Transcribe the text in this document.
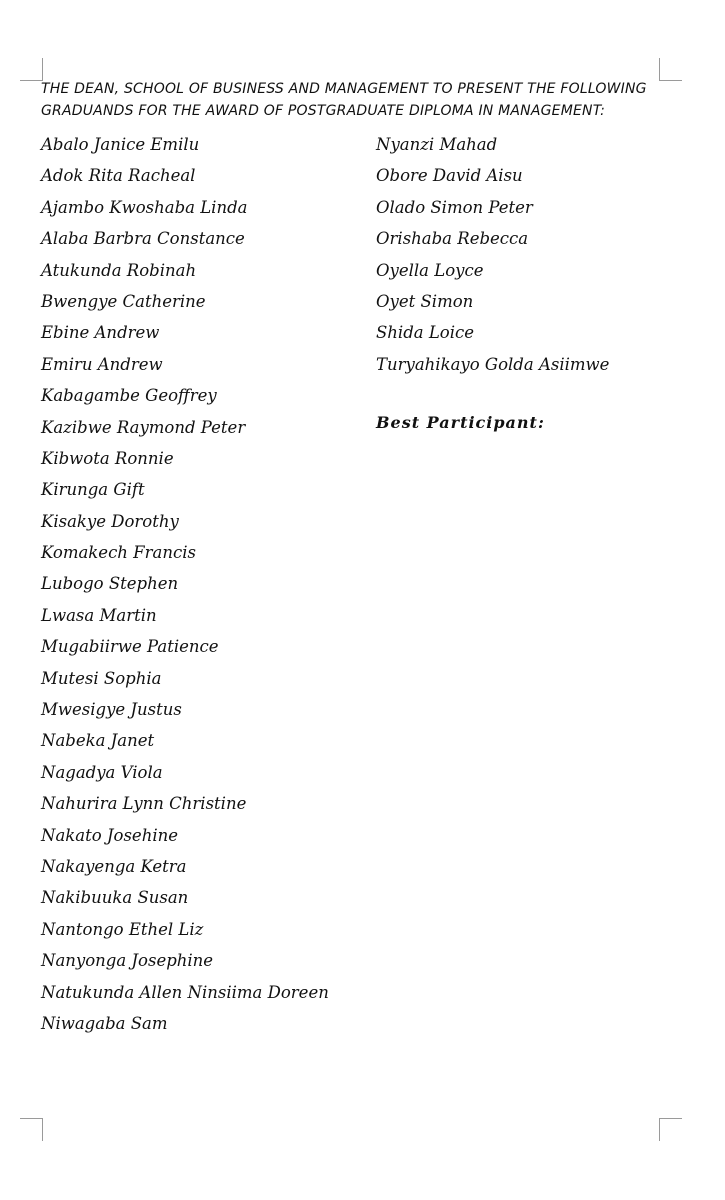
THE DEAN, SCHOOL OF BUSINESS AND MANAGEMENT TO PRESENT THE FOLLOWING
GRADUANDS FOR THE AWARD OF POSTGRADUATE DIPLOMA IN MANAGEMENT:
Abalo Janice Emilu
Adok Rita Racheal
Ajambo Kwoshaba Linda
Alaba Barbra Constance
Atukunda Robinah
Bwengye Catherine
Ebine Andrew
Emiru Andrew
Kabagambe Geoffrey
Kazibwe Raymond Peter
Kibwota Ronnie
Kirunga Gift
Kisakye Dorothy
Komakech Francis
Lubogo Stephen
Lwasa Martin
Mugabiirwe Patience
Mutesi Sophia
Mwesigye Justus
Nabeka Janet
Nagadya Viola
Nahurira Lynn Christine
Nakato Josehine
Nakayenga Ketra
Nakibuuka Susan
Nantongo Ethel Liz
Nanyonga Josephine
Natukunda Allen Ninsiima Doreen
Niwagaba Sam
Nyanzi Mahad
Obore David Aisu
Olado Simon Peter
Orishaba Rebecca
Oyella Loyce
Oyet Simon
Shida Loice
Turyahikayo Golda Asiimwe
Best Participant:
